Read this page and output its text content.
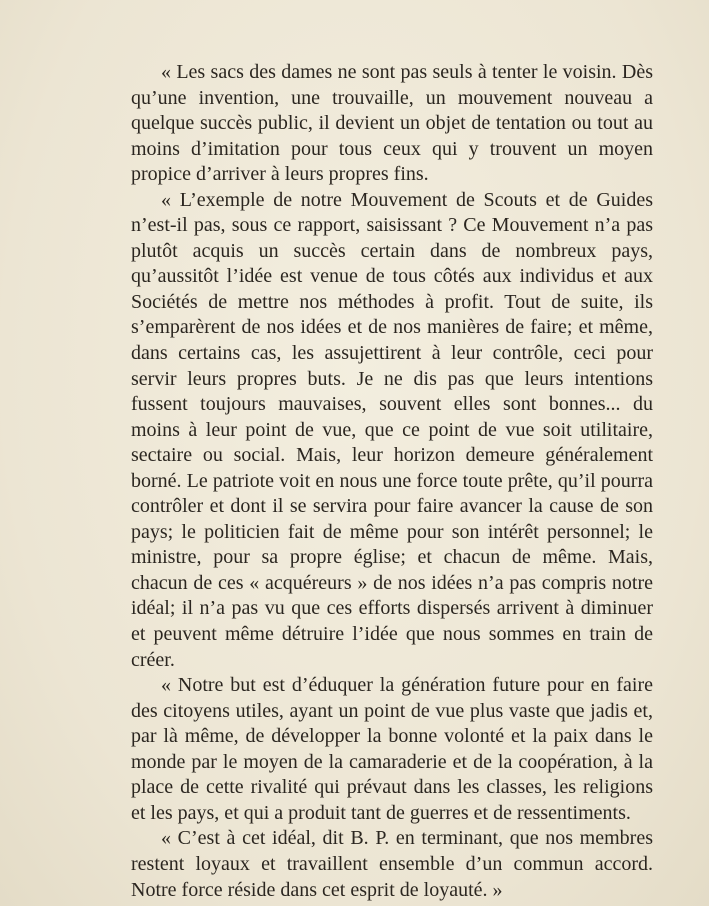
« Les sacs des dames ne sont pas seuls à tenter le voisin. Dès qu’une invention, une trouvaille, un mouvement nouveau a quelque succès public, il devient un objet de tentation ou tout au moins d’imitation pour tous ceux qui y trouvent un moyen propice d’arriver à leurs propres fins.

« L’exemple de notre Mouvement de Scouts et de Guides n’est-il pas, sous ce rapport, saisissant ? Ce Mouvement n’a pas plutôt acquis un succès certain dans de nombreux pays, qu’aussitôt l’idée est venue de tous côtés aux individus et aux Sociétés de mettre nos méthodes à profit. Tout de suite, ils s’emparèrent de nos idées et de nos manières de faire; et même, dans certains cas, les assujettirent à leur contrôle, ceci pour servir leurs propres buts. Je ne dis pas que leurs intentions fussent toujours mauvaises, souvent elles sont bonnes... du moins à leur point de vue, que ce point de vue soit utilitaire, sectaire ou social. Mais, leur horizon demeure généralement borné. Le patriote voit en nous une force toute prête, qu’il pourra contrôler et dont il se servira pour faire avancer la cause de son pays; le politicien fait de même pour son intérêt personnel; le ministre, pour sa propre église; et chacun de même. Mais, chacun de ces « acquéreurs » de nos idées n’a pas compris notre idéal; il n’a pas vu que ces efforts dispersés arrivent à diminuer et peuvent même détruire l’idée que nous sommes en train de créer.

« Notre but est d’éduquer la génération future pour en faire des citoyens utiles, ayant un point de vue plus vaste que jadis et, par là même, de développer la bonne volonté et la paix dans le monde par le moyen de la camaraderie et de la coopération, à la place de cette rivalité qui prévaut dans les classes, les religions et les pays, et qui a produit tant de guerres et de ressentiments.

« C’est à cet idéal, dit B. P. en terminant, que nos membres restent loyaux et travaillent ensemble d’un commun accord. Notre force réside dans cet esprit de loyauté. »
